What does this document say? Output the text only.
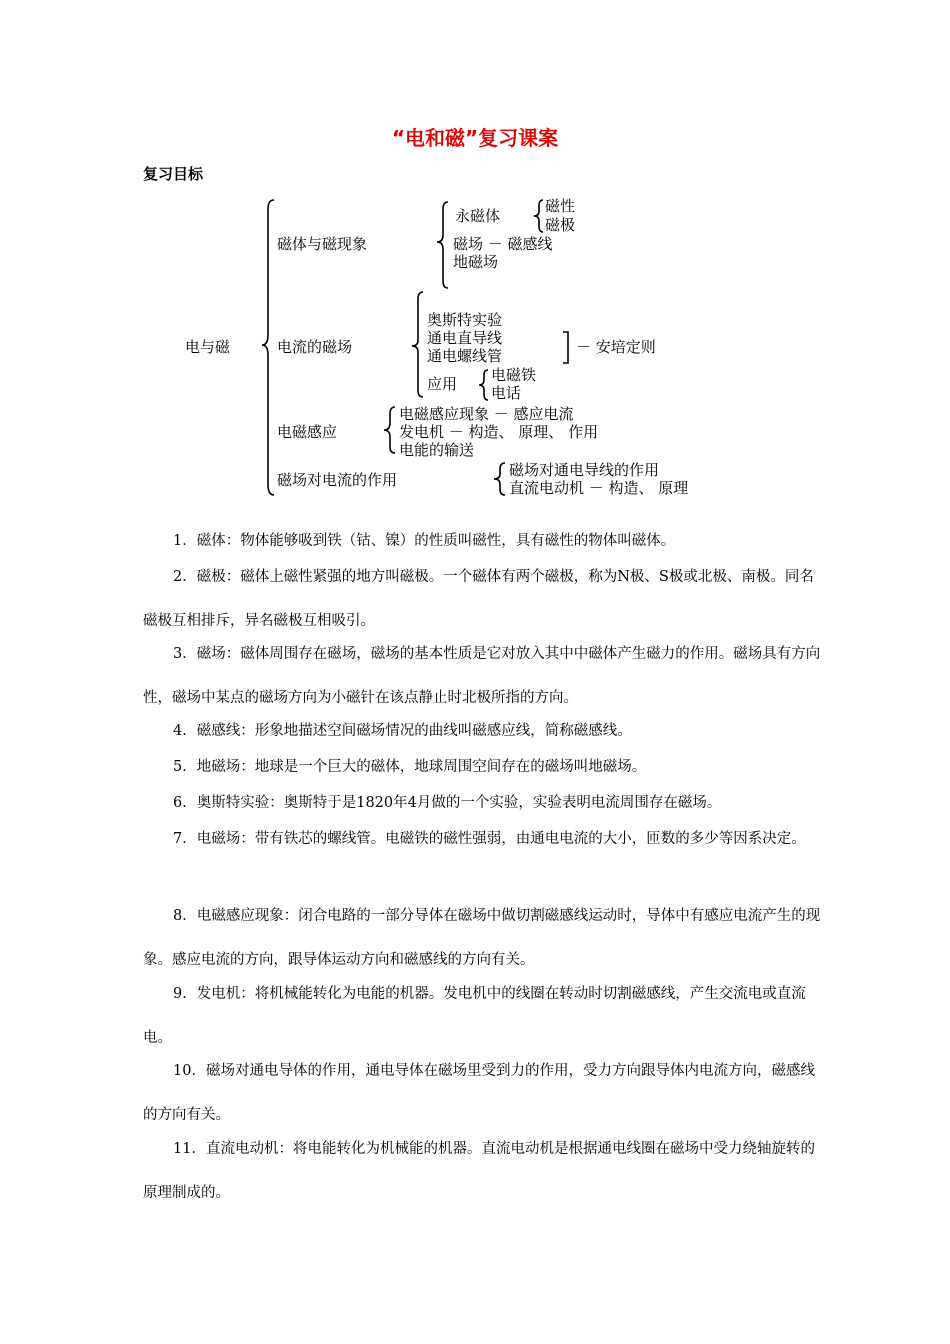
“电和磁”复习课案
复习目标
电与磁
磁体与磁现象
永磁体
磁性
磁极
磁场 － 磁感线
地磁场
电流的磁场
奥斯特实验
通电直导线
通电螺线管	－ 安培定则
应用 电磁铁
电话
电磁感应
电磁感应现象 － 感应电流
发电机 － 构造、 原理、 作用
电能的输送
磁场对电流的作用
磁场对通电导线的作用
直流电动机 － 构造、 原理

1．磁体：物体能够吸到铁（钴、镍）的性质叫磁性，具有磁性的物体叫磁体。

2．磁极：磁体上磁性紧强的地方叫磁极。一个磁体有两个磁极，称为N极、S极或北极、南极。同名磁极互相排斥，异名磁极互相吸引。

3．磁场：磁体周围存在磁场，磁场的基本性质是它对放入其中中磁体产生磁力的作用。磁场具有方向性，磁场中某点的磁场方向为小磁针在该点静止时北极所指的方向。

4．磁感线：形象地描述空间磁场情况的曲线叫磁感应线，简称磁感线。

5．地磁场：地球是一个巨大的磁体，地球周围空间存在的磁场叫地磁场。

6．奥斯特实验：奥斯特于是1820年4月做的一个实验，实验表明电流周围存在磁场。

7．电磁场：带有铁芯的螺线管。电磁铁的磁性强弱，由通电电流的大小，匝数的多少等因系决定。

8．电磁感应现象：闭合电路的一部分导体在磁场中做切割磁感线运动时，导体中有感应电流产生的现象。感应电流的方向，跟导体运动方向和磁感线的方向有关。

9．发电机：将机械能转化为电能的机器。发电机中的线圈在转动时切割磁感线，产生交流电或直流电。

10．磁场对通电导体的作用，通电导体在磁场里受到力的作用，受力方向跟导体内电流方向，磁感线的方向有关。

11．直流电动机：将电能转化为机械能的机器。直流电动机是根据通电线圈在磁场中受力绕轴旋转的原理制成的。
